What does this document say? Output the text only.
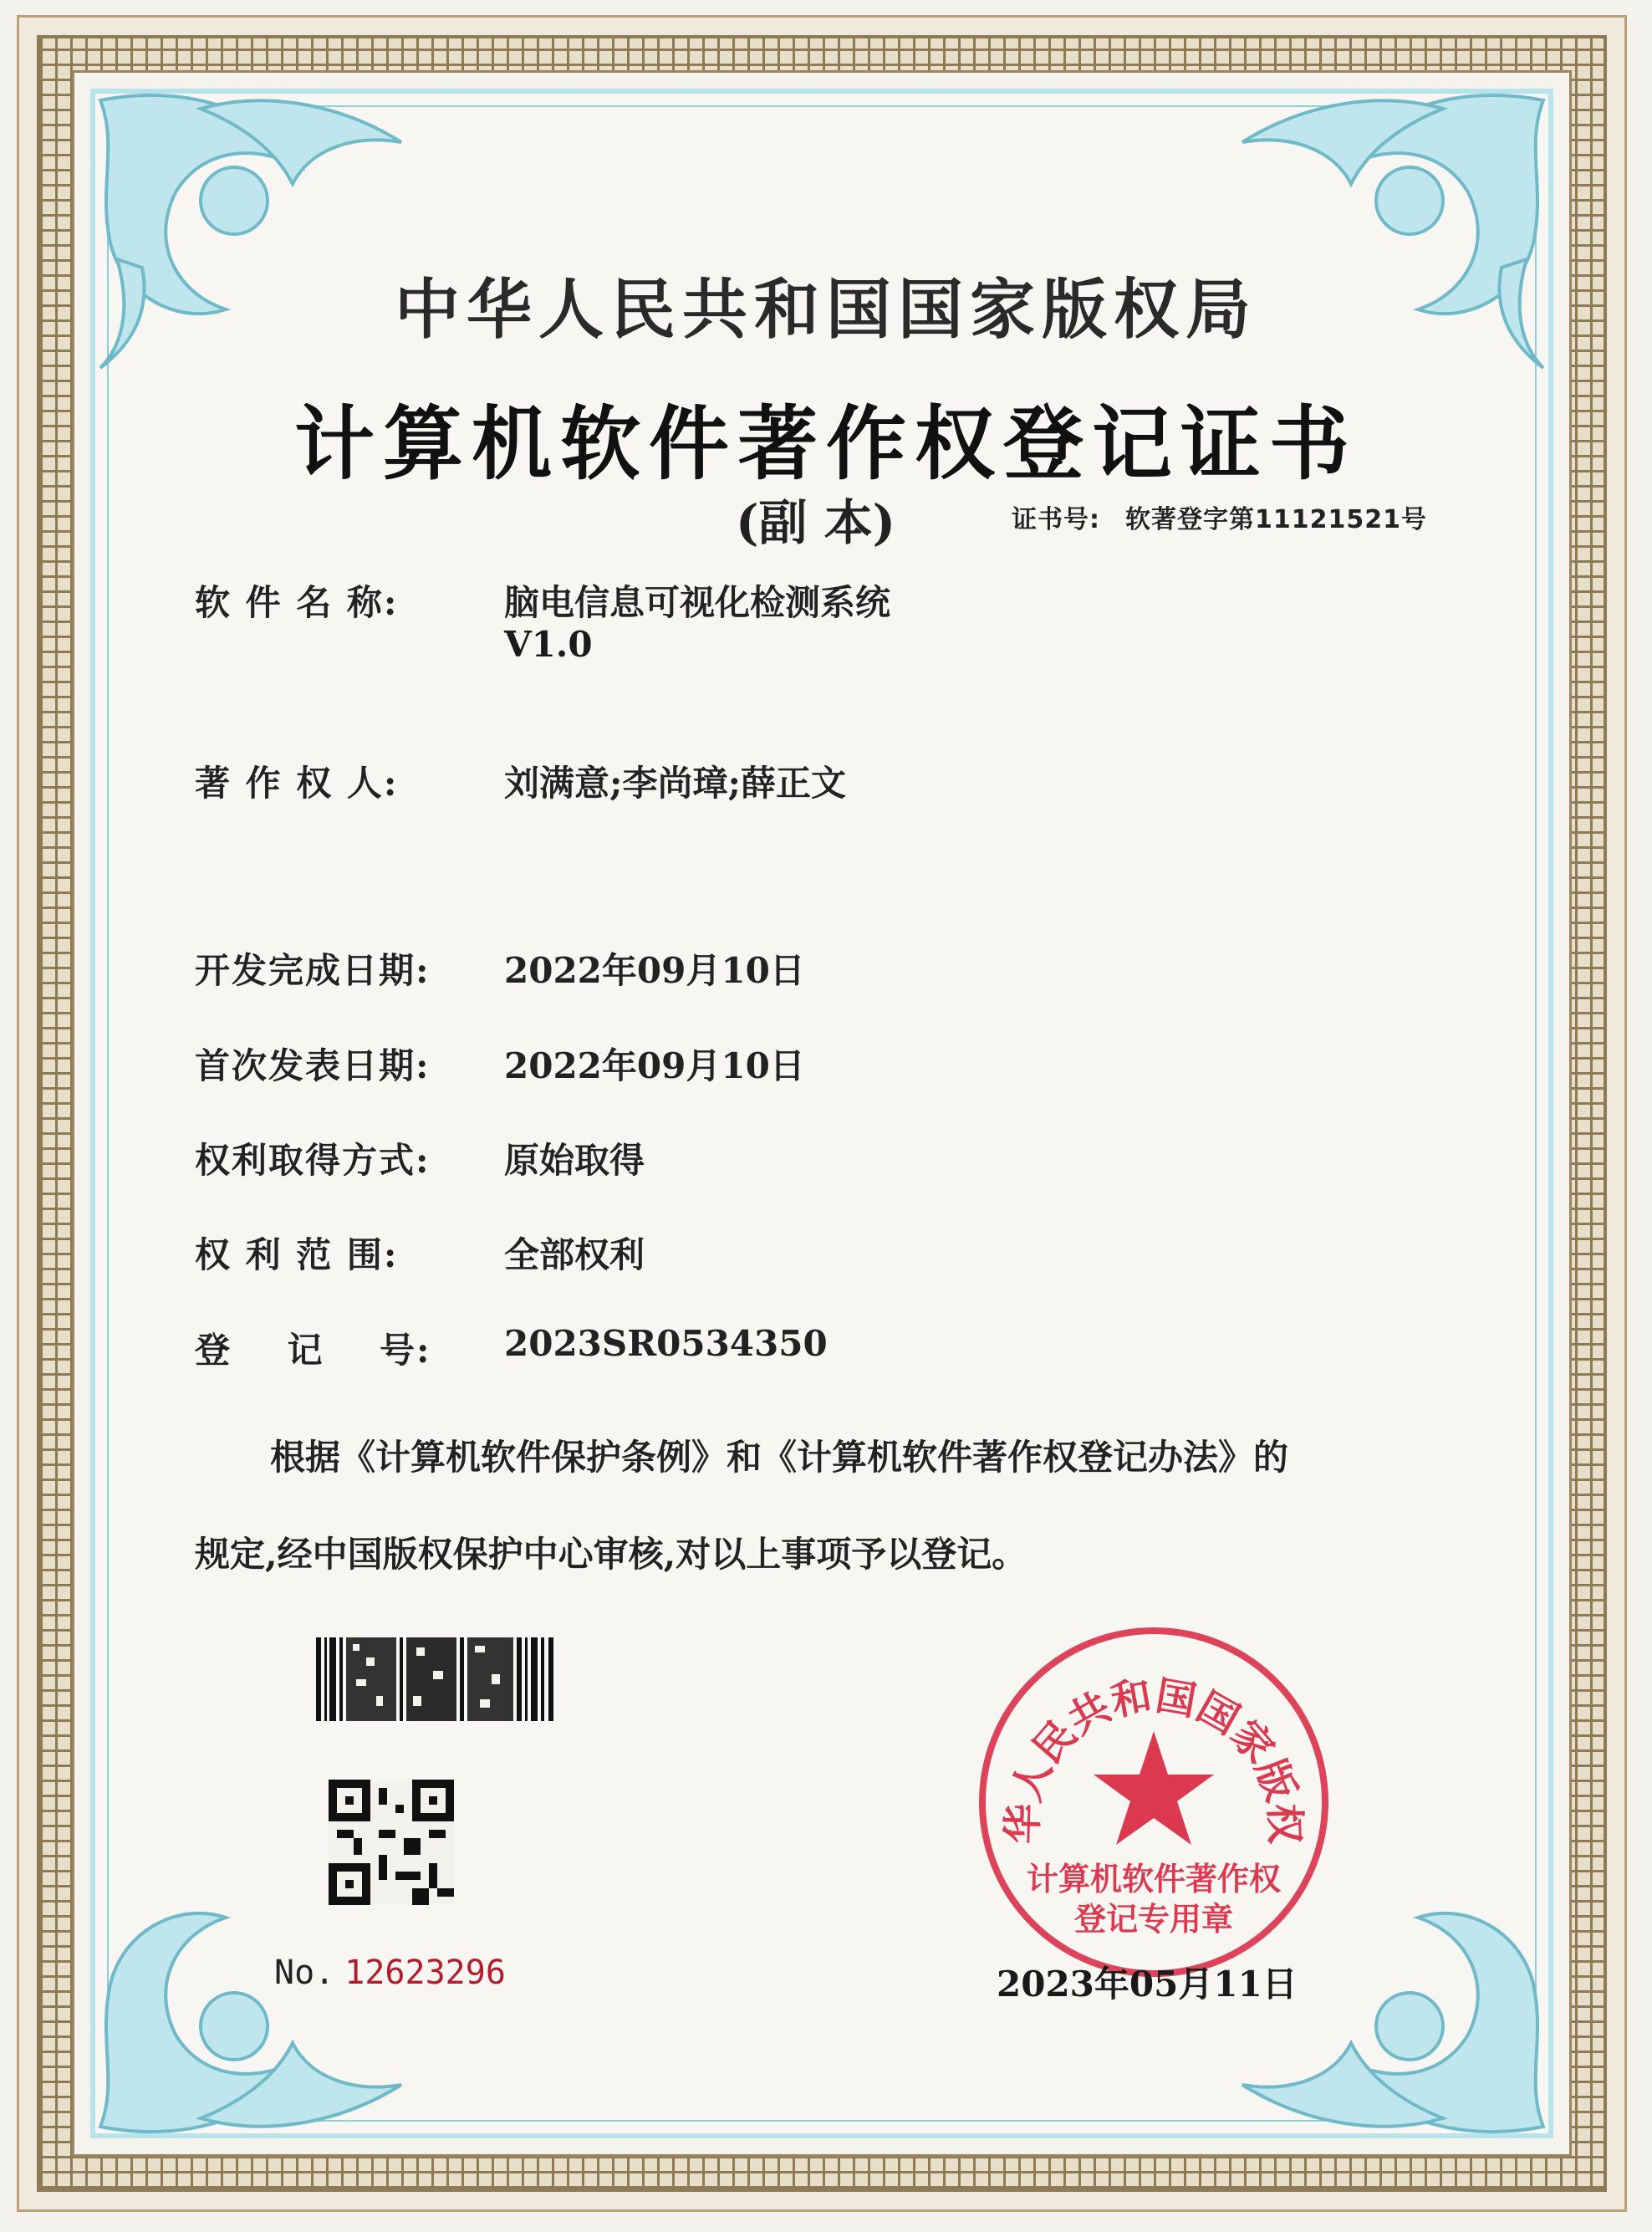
中华人民共和国国家版权局
计算机软件著作权登记证书
(副 本)	证书号: 软著登字第11121521号
软 件 名 称:	脑电信息可视化检测系统
V1.0
著 作 权 人:	刘满意;李尚璋;薛正文
开发完成日期: 2022年09月10日
首次发表日期: 2022年09月10日
权利取得方式: 原始取得
权 利 范 围:	全部权利
登    记    号: 2023SR0534350
根据《计算机软件保护条例》和《计算机软件著作权登记办法》的
规定,经中国版权保护中心审核,对以上事项予以登记。
No. 12623296
华人民共和国国家版权
计算机软件著作权
登记专用章
2023年05月11日
